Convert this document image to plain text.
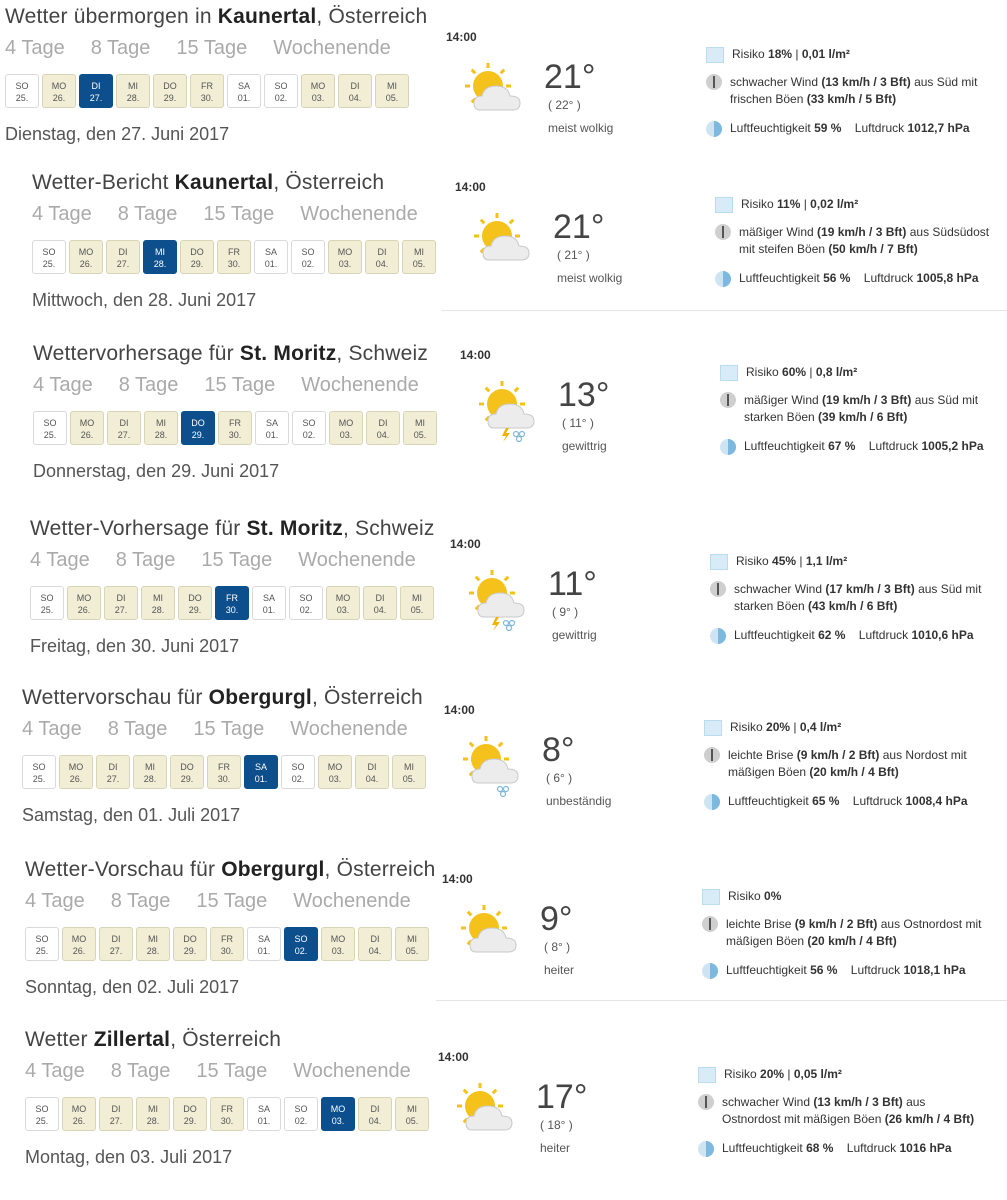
Wetter übermorgen in Kaunertal, Österreich
4 Tage 8 Tage 15 Tage Wochenende
SO
25.
MO
26.
DI
27.
MI
28.
DO
29.
FR
30.
SA
01.
SO
02.
MO
03.
DI
04.
MI
05.
Dienstag, den 27. Juni 2017
Wetter-Bericht Kaunertal, Österreich
4 Tage 8 Tage 15 Tage Wochenende
SO
25.
MO
26.
DI
27.
MI
28.
DO
29.
FR
30.
SA
01.
SO
02.
MO
03.
DI
04.
MI
05.
Mittwoch, den 28. Juni 2017
Wettervorhersage für St. Moritz, Schweiz
4 Tage 8 Tage 15 Tage Wochenende
SO
25.
MO
26.
DI
27.
MI
28.
DO
29.
FR
30.
SA
01.
SO
02.
MO
03.
DI
04.
MI
05.
Donnerstag, den 29. Juni 2017
Wetter-Vorhersage für St. Moritz, Schweiz
4 Tage 8 Tage 15 Tage Wochenende
SO
25.
MO
26.
DI
27.
MI
28.
DO
29.
FR
30.
SA
01.
SO
02.
MO
03.
DI
04.
MI
05.
Freitag, den 30. Juni 2017
Wettervorschau für Obergurgl, Österreich
4 Tage 8 Tage 15 Tage Wochenende
SO
25.
MO
26.
DI
27.
MI
28.
DO
29.
FR
30.
SA
01.
SO
02.
MO
03.
DI
04.
MI
05.
Samstag, den 01. Juli 2017
Wetter-Vorschau für Obergurgl, Österreich
4 Tage 8 Tage 15 Tage Wochenende
SO
25.
MO
26.
DI
27.
MI
28.
DO
29.
FR
30.
SA
01.
SO
02.
MO
03.
DI
04.
MI
05.
Sonntag, den 02. Juli 2017
Wetter Zillertal, Österreich
4 Tage 8 Tage 15 Tage Wochenende
SO
25.
MO
26.
DI
27.
MI
28.
DO
29.
FR
30.
SA
01.
SO
02.
MO
03.
DI
04.
MI
05.
Montag, den 03. Juli 2017
14:00
21°
( 22° )
meist wolkig
Risiko 18% | 0,01 l/m²
schwacher Wind (13 km/h / 3 Bft) aus Süd mit
frischen Böen (33 km/h / 5 Bft)
Luftfeuchtigkeit 59 % Luftdruck 1012,7 hPa
14:00
21°
( 21° )
meist wolkig
Risiko 11% | 0,02 l/m²
mäßiger Wind (19 km/h / 3 Bft) aus Südsüdost
mit steifen Böen (50 km/h / 7 Bft)
Luftfeuchtigkeit 56 % Luftdruck 1005,8 hPa
14:00
13°
( 11° )
gewittrig
Risiko 60% | 0,8 l/m²
mäßiger Wind (19 km/h / 3 Bft) aus Süd mit
starken Böen (39 km/h / 6 Bft)
Luftfeuchtigkeit 67 % Luftdruck 1005,2 hPa
14:00
11°
( 9° )
gewittrig
Risiko 45% | 1,1 l/m²
schwacher Wind (17 km/h / 3 Bft) aus Süd mit
starken Böen (43 km/h / 6 Bft)
Luftfeuchtigkeit 62 % Luftdruck 1010,6 hPa
14:00
8°
( 6° )
unbeständig
Risiko 20% | 0,4 l/m²
leichte Brise (9 km/h / 2 Bft) aus Nordost mit
mäßigen Böen (20 km/h / 4 Bft)
Luftfeuchtigkeit 65 % Luftdruck 1008,4 hPa
14:00
9°
( 8° )
heiter
Risiko 0%
leichte Brise (9 km/h / 2 Bft) aus Ostnordost mit
mäßigen Böen (20 km/h / 4 Bft)
Luftfeuchtigkeit 56 % Luftdruck 1018,1 hPa
14:00
17°
( 18° )
heiter
Risiko 20% | 0,05 l/m²
schwacher Wind (13 km/h / 3 Bft) aus
Ostnordost mit mäßigen Böen (26 km/h / 4 Bft)
Luftfeuchtigkeit 68 % Luftdruck 1016 hPa
